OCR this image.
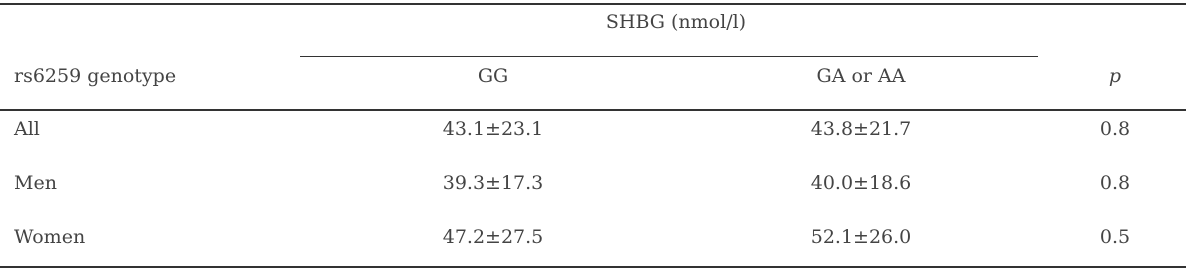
SHBG (nmol/l)
rs6259 genotype	GG	GA or AA	p
All	43.1±23.1	43.8±21.7	0.8
Men	39.3±17.3	40.0±18.6	0.8
Women	47.2±27.5	52.1±26.0	0.5
